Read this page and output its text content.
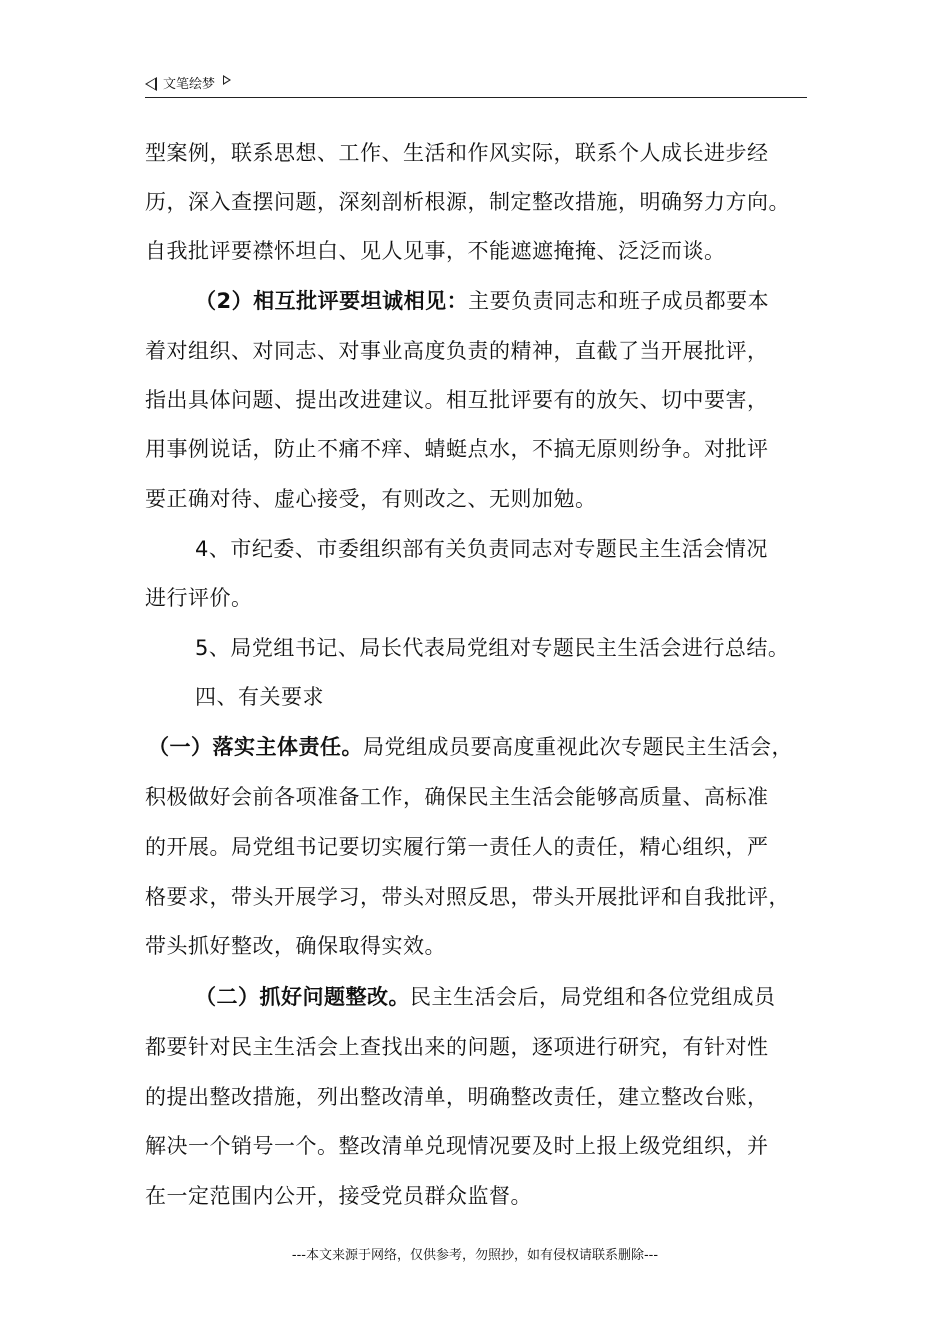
文笔绘梦
型案例，联系思想、工作、生活和作风实际，联系个人成长进步经
历，深入查摆问题，深刻剖析根源，制定整改措施，明确努力方向。
自我批评要襟怀坦白、见人见事，不能遮遮掩掩、泛泛而谈。
（2）相互批评要坦诚相见：主要负责同志和班子成员都要本
着对组织、对同志、对事业高度负责的精神，直截了当开展批评，
指出具体问题、提出改进建议。相互批评要有的放矢、切中要害，
用事例说话，防止不痛不痒、蜻蜓点水，不搞无原则纷争。对批评
要正确对待、虚心接受，有则改之、无则加勉。
4、市纪委、市委组织部有关负责同志对专题民主生活会情况
进行评价。
5、局党组书记、局长代表局党组对专题民主生活会进行总结。
四、有关要求
（一）落实主体责任。局党组成员要高度重视此次专题民主生活会，
积极做好会前各项准备工作，确保民主生活会能够高质量、高标准
的开展。局党组书记要切实履行第一责任人的责任，精心组织，严
格要求，带头开展学习，带头对照反思，带头开展批评和自我批评，
带头抓好整改，确保取得实效。
（二）抓好问题整改。民主生活会后，局党组和各位党组成员
都要针对民主生活会上查找出来的问题，逐项进行研究，有针对性
的提出整改措施，列出整改清单，明确整改责任，建立整改台账，
解决一个销号一个。整改清单兑现情况要及时上报上级党组织，并
在一定范围内公开，接受党员群众监督。
---本文来源于网络，仅供参考，勿照抄，如有侵权请联系删除---
